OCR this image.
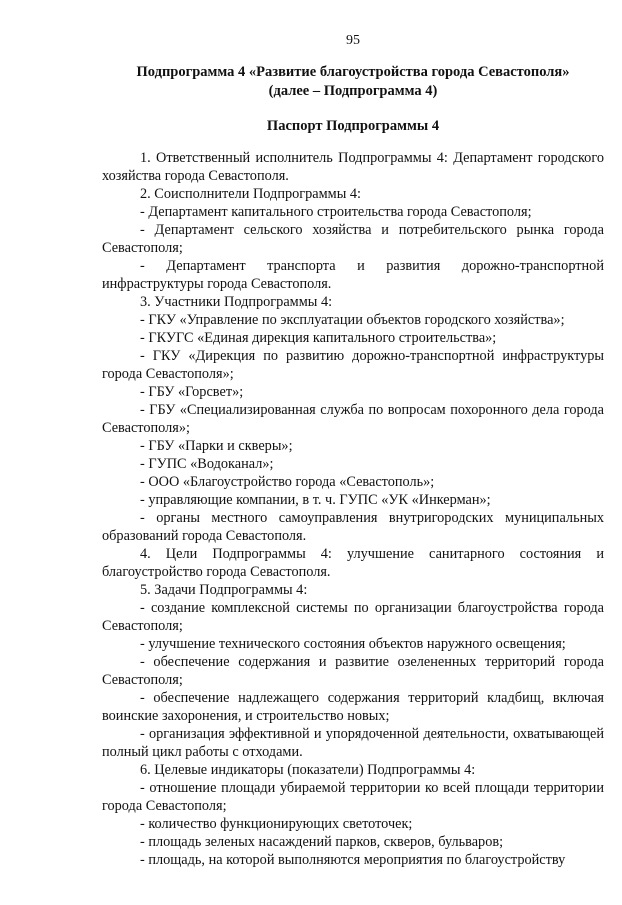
95
Подпрограмма 4 «Развитие благоустройства города Севастополя»
(далее – Подпрограмма 4)
Паспорт Подпрограммы 4

1. Ответственный исполнитель Подпрограммы 4: Департамент городского хозяйства города Севастополя.

2. Соисполнители Подпрограммы 4:

- Департамент капитального строительства города Севастополя;

- Департамент сельского хозяйства и потребительского рынка города Севастополя;

- Департамент транспорта и развития дорожно-транспортной инфраструктуры города Севастополя.

3. Участники Подпрограммы 4:

- ГКУ «Управление по эксплуатации объектов городского хозяйства»;

- ГКУГС «Единая дирекция капитального строительства»;

- ГКУ «Дирекция по развитию дорожно-транспортной инфраструктуры города Севастополя»;

- ГБУ «Горсвет»;

- ГБУ «Специализированная служба по вопросам похоронного дела города Севастополя»;

- ГБУ «Парки и скверы»;

- ГУПС «Водоканал»;

- ООО «Благоустройство города «Севастополь»;

- управляющие компании, в т. ч. ГУПС «УК «Инкерман»;

- органы местного самоуправления внутригородских муниципальных образований города Севастополя.

4. Цели Подпрограммы 4: улучшение санитарного состояния и благоустройство города Севастополя.

5. Задачи Подпрограммы 4:

- создание комплексной системы по организации благоустройства города Севастополя;

- улучшение технического состояния объектов наружного освещения;

- обеспечение содержания и развитие озелененных территорий города Севастополя;

- обеспечение надлежащего содержания территорий кладбищ, включая воинские захоронения, и строительство новых;

- организация эффективной и упорядоченной деятельности, охватывающей полный цикл работы с отходами.

6. Целевые индикаторы (показатели) Подпрограммы 4:

- отношение площади убираемой территории ко всей площади территории города Севастополя;

- количество функционирующих светоточек;

- площадь зеленых насаждений парков, скверов, бульваров;

- площадь, на которой выполняются мероприятия по благоустройству
